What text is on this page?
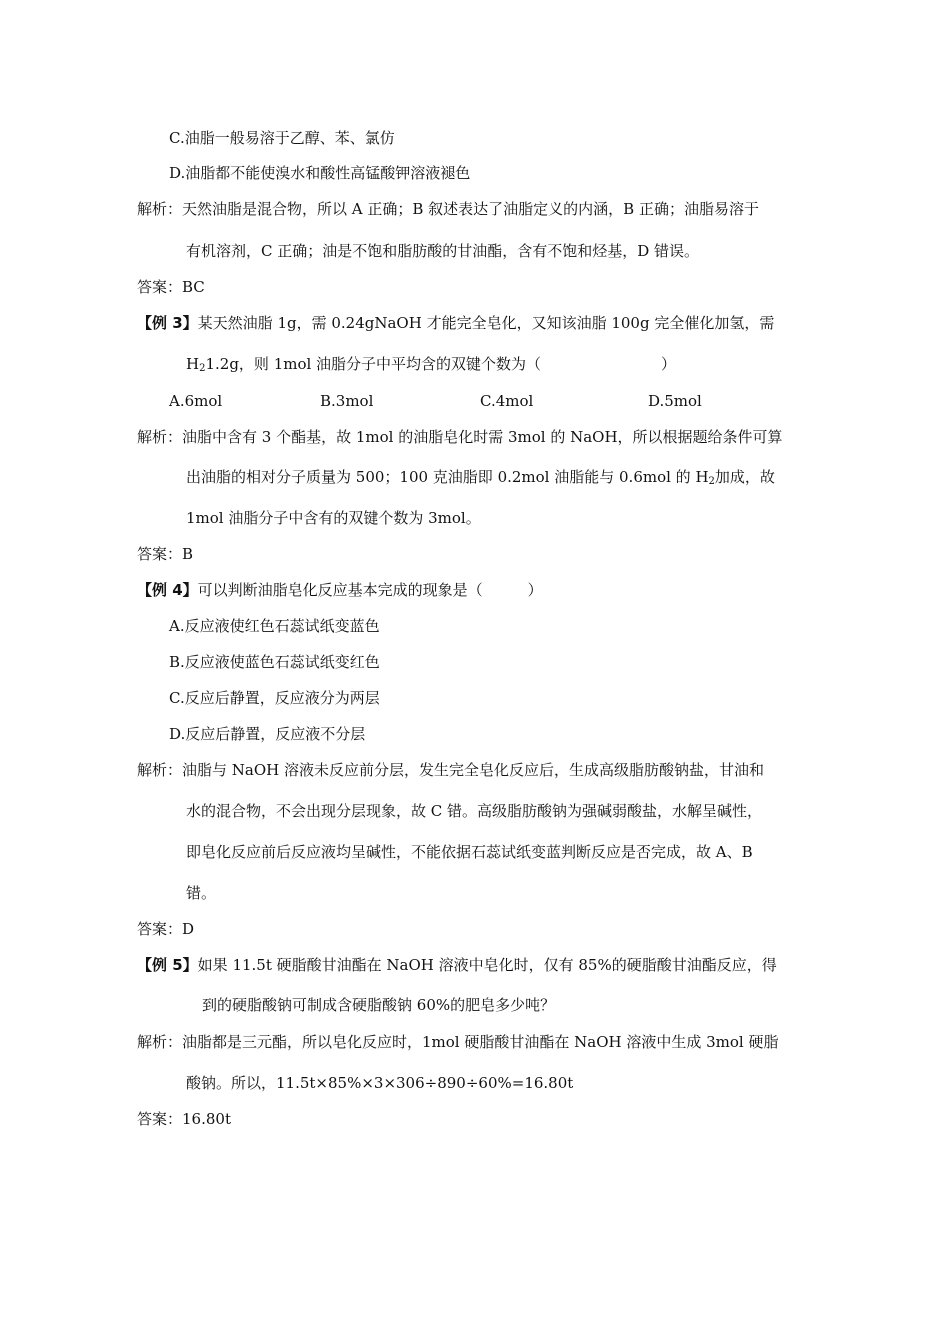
C.油脂一般易溶于乙醇、苯、氯仿
D.油脂都不能使溴水和酸性高锰酸钾溶液褪色
解析：天然油脂是混合物，所以 A 正确；B 叙述表达了油脂定义的内涵，B 正确；油脂易溶于
有机溶剂，C 正确；油是不饱和脂肪酸的甘油酯，含有不饱和烃基，D 错误。
答案：BC
【例 3】某天然油脂 1g，需 0.24gNaOH 才能完全皂化，又知该油脂 100g 完全催化加氢，需
$H_21.2g$，则 1mol 油脂分子中平均含的双键个数为（　　　　　　　　）
A.6mol	B.3mol	C.4mol	D.5mol
解析：油脂中含有 3 个酯基，故 1mol 的油脂皂化时需 3mol 的 NaOH，所以根据题给条件可算
出油脂的相对分子质量为 500；100 克油脂即 0.2mol 油脂能与 0.6mol 的 $H_2$加成，故
1mol 油脂分子中含有的双键个数为 3mol。
答案：B
【例 4】可以判断油脂皂化反应基本完成的现象是（　　　）
A.反应液使红色石蕊试纸变蓝色
B.反应液使蓝色石蕊试纸变红色
C.反应后静置，反应液分为两层
D.反应后静置，反应液不分层
解析：油脂与 NaOH 溶液未反应前分层，发生完全皂化反应后，生成高级脂肪酸钠盐，甘油和
水的混合物，不会出现分层现象，故 C 错。高级脂肪酸钠为强碱弱酸盐，水解呈碱性，
即皂化反应前后反应液均呈碱性，不能依据石蕊试纸变蓝判断反应是否完成，故 A、B
错。
答案：D
【例 5】如果 11.5t 硬脂酸甘油酯在 NaOH 溶液中皂化时，仅有 85%的硬脂酸甘油酯反应，得
到的硬脂酸钠可制成含硬脂酸钠 60%的肥皂多少吨？
解析：油脂都是三元酯，所以皂化反应时，1mol 硬脂酸甘油酯在 NaOH 溶液中生成 3mol 硬脂
酸钠。所以，11.5t×85%×3×306÷890÷60%=16.80t
答案：16.80t
